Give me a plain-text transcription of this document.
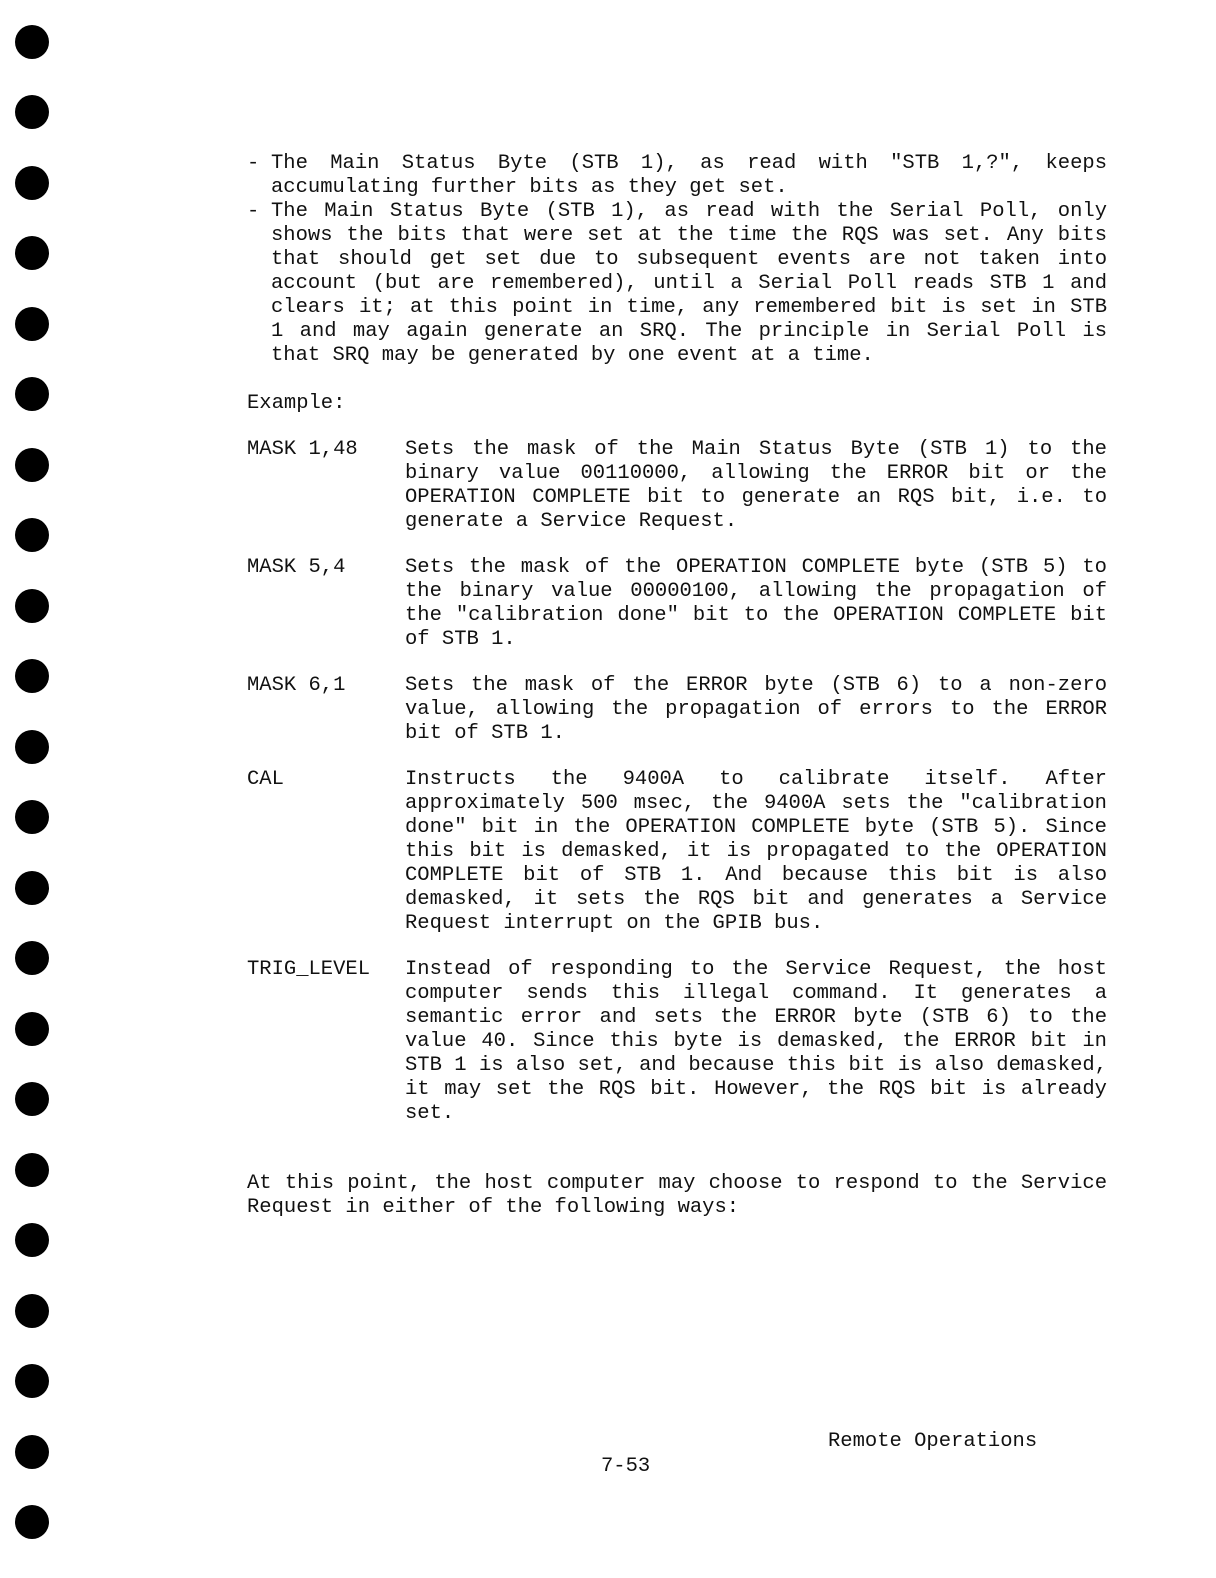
- The Main Status Byte (STB 1), as read with "STB 1,?", keeps accumulating further bits as they get set.
- The Main Status Byte (STB 1), as read with the Serial Poll, only shows the bits that were set at the time the RQS was set. Any bits that should get set due to subsequent events are not taken into account (but are remembered), until a Serial Poll reads STB 1 and clears it; at this point in time, any remembered bit is set in STB 1 and may again generate an SRQ. The principle in Serial Poll is that SRQ may be generated by one event at a time.
Example:
MASK 1,48	Sets the mask of the Main Status Byte (STB 1) to the binary value 00110000, allowing the ERROR bit or the OPERATION COMPLETE bit to generate an RQS bit, i.e. to generate a Service Request.
MASK 5,4	Sets the mask of the OPERATION COMPLETE byte (STB 5) to the binary value 00000100, allowing the propagation of the "calibration done" bit to the OPERATION COMPLETE bit of STB 1.
MASK 6,1	Sets the mask of the ERROR byte (STB 6) to a non-zero value, allowing the propagation of errors to the ERROR bit of STB 1.
CAL	Instructs the 9400A to calibrate itself. After approximately 500 msec, the 9400A sets the "calibration done" bit in the OPERATION COMPLETE byte (STB 5). Since this bit is demasked, it is propagated to the OPERATION COMPLETE bit of STB 1. And because this bit is also demasked, it sets the RQS bit and generates a Service Request interrupt on the GPIB bus.
TRIG_LEVEL	Instead of responding to the Service Request, the host computer sends this illegal command. It generates a semantic error and sets the ERROR byte (STB 6) to the value 40. Since this byte is demasked, the ERROR bit in STB 1 is also set, and because this bit is also demasked, it may set the RQS bit. However, the RQS bit is already set.
At this point, the host computer may choose to respond to the Service Request in either of the following ways:
Remote Operations
7-53
